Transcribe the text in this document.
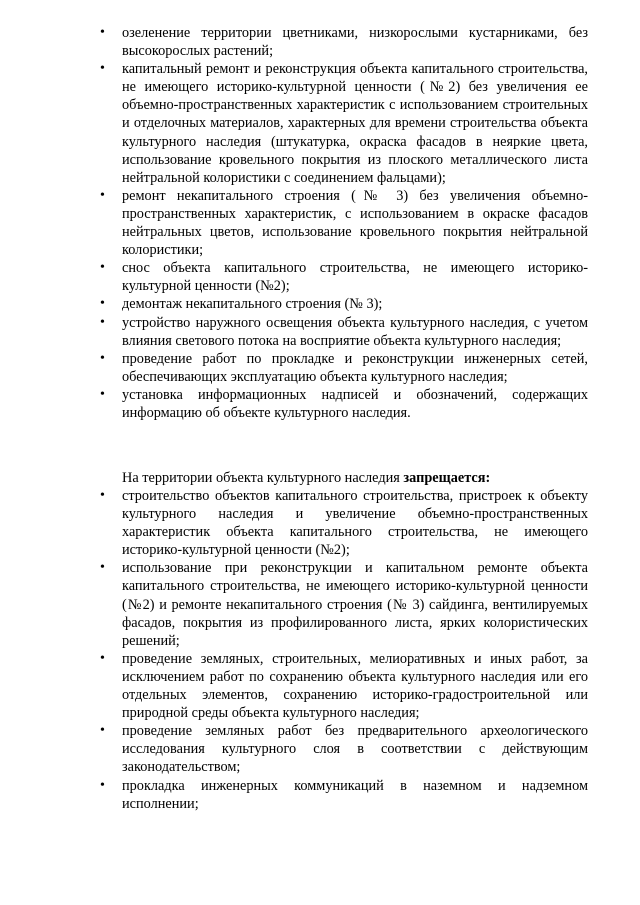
• озеленение территории цветниками, низкорослыми кустарниками, без высокорослых растений;
• капитальный ремонт и реконструкция объекта капитального строительства, не имеющего историко-культурной ценности (№2) без увеличения ее объемно-пространственных характеристик с использованием строительных и отделочных материалов, характерных для времени строительства объекта культурного наследия (штукатурка, окраска фасадов в неяркие цвета, использование кровельного покрытия из плоского металлического листа нейтральной колористики с соединением фальцами);
• ремонт некапитального строения (№ 3) без увеличения объемно-пространственных характеристик, с использованием в окраске фасадов нейтральных цветов, использование кровельного покрытия нейтральной колористики;
• снос объекта капитального строительства, не имеющего историко-культурной ценности (№2);
• демонтаж некапитального строения (№ 3);
• устройство наружного освещения объекта культурного наследия, с учетом влияния светового потока на восприятие объекта культурного наследия;
• проведение работ по прокладке и реконструкции инженерных сетей, обеспечивающих эксплуатацию объекта культурного наследия;
• установка информационных надписей и обозначений, содержащих информацию об объекте культурного наследия.
На территории объекта культурного наследия запрещается:
• строительство объектов капитального строительства, пристроек к объекту культурного наследия и увеличение объемно-пространственных характеристик объекта капитального строительства, не имеющего историко-культурной ценности (№2);
• использование при реконструкции и капитальном ремонте объекта капитального строительства, не имеющего историко-культурной ценности (№2) и ремонте некапитального строения (№ 3) сайдинга, вентилируемых фасадов, покрытия из профилированного листа, ярких колористических решений;
• проведение земляных, строительных, мелиоративных и иных работ, за исключением работ по сохранению объекта культурного наследия или его отдельных элементов, сохранению историко-градостроительной или природной среды объекта культурного наследия;
• проведение земляных работ без предварительного археологического исследования культурного слоя в соответствии с действующим законодательством;
• прокладка инженерных коммуникаций в наземном и надземном исполнении;
